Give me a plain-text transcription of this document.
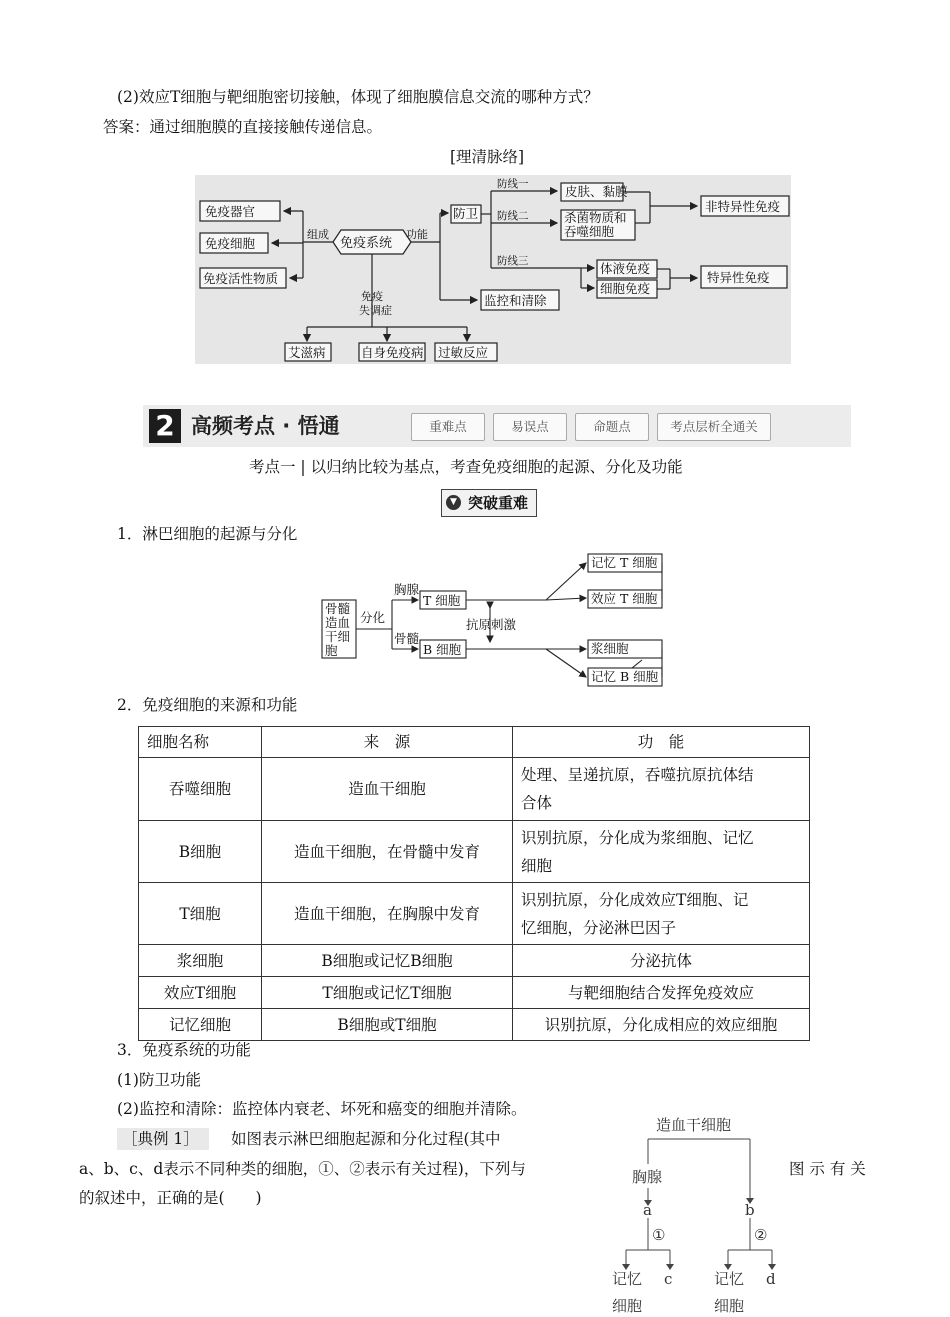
(2)效应T细胞与靶细胞密切接触，体现了细胞膜信息交流的哪种方式？
答案：通过细胞膜的直接接触传递信息。
[理清脉络]
免疫器官
免疫细胞
免疫活性物质
组成
免疫系统
功能
防卫
防线一
防线二
防线三
皮肤、黏膜
杀菌物质和
吞噬细胞
非特异性免疫
体液免疫
细胞免疫
特异性免疫
监控和清除
免疫
失调症
艾滋病	自身免疫病 过敏反应
2 高频考点 · 悟通	重难点	易误点	命题点	考点层析全通关
考点一 | 以归纳比较为基点，考查免疫细胞的起源、分化及功能
▼ 突破重难
1．淋巴细胞的起源与分化
骨髓
造血
干细
胞
分化
胸腺
骨髓
T 细胞
B 细胞
抗原刺激
记忆 T 细胞
效应 T 细胞
浆细胞
记忆 B 细胞
2．免疫细胞的来源和功能
细胞名称	来　源	功　能
吞噬细胞	造血干细胞	处理、呈递抗原，吞噬抗原抗体结
合体
B细胞	造血干细胞，在骨髓中发育	识别抗原，分化成为浆细胞、记忆
细胞
T细胞	造血干细胞，在胸腺中发育	识别抗原，分化成效应T细胞、记
忆细胞，分泌淋巴因子
浆细胞	B细胞或记忆B细胞	分泌抗体
效应T细胞	T细胞或记忆T细胞	与靶细胞结合发挥免疫效应
记忆细胞	B细胞或T细胞	识别抗原，分化成相应的效应细胞
3．免疫系统的功能
(1)防卫功能
(2)监控和清除：监控体内衰老、坏死和癌变的细胞并清除。
［典例 1］ 如图表示淋巴细胞起源和分化过程(其中
a、b、c、d表示不同种类的细胞，①、②表示有关过程)，下列与	图 示 有 关
的叙述中，正确的是(　　)
造血干细胞
胸腺
a	b
①	②
记忆
细胞
c	记忆
细胞
d
